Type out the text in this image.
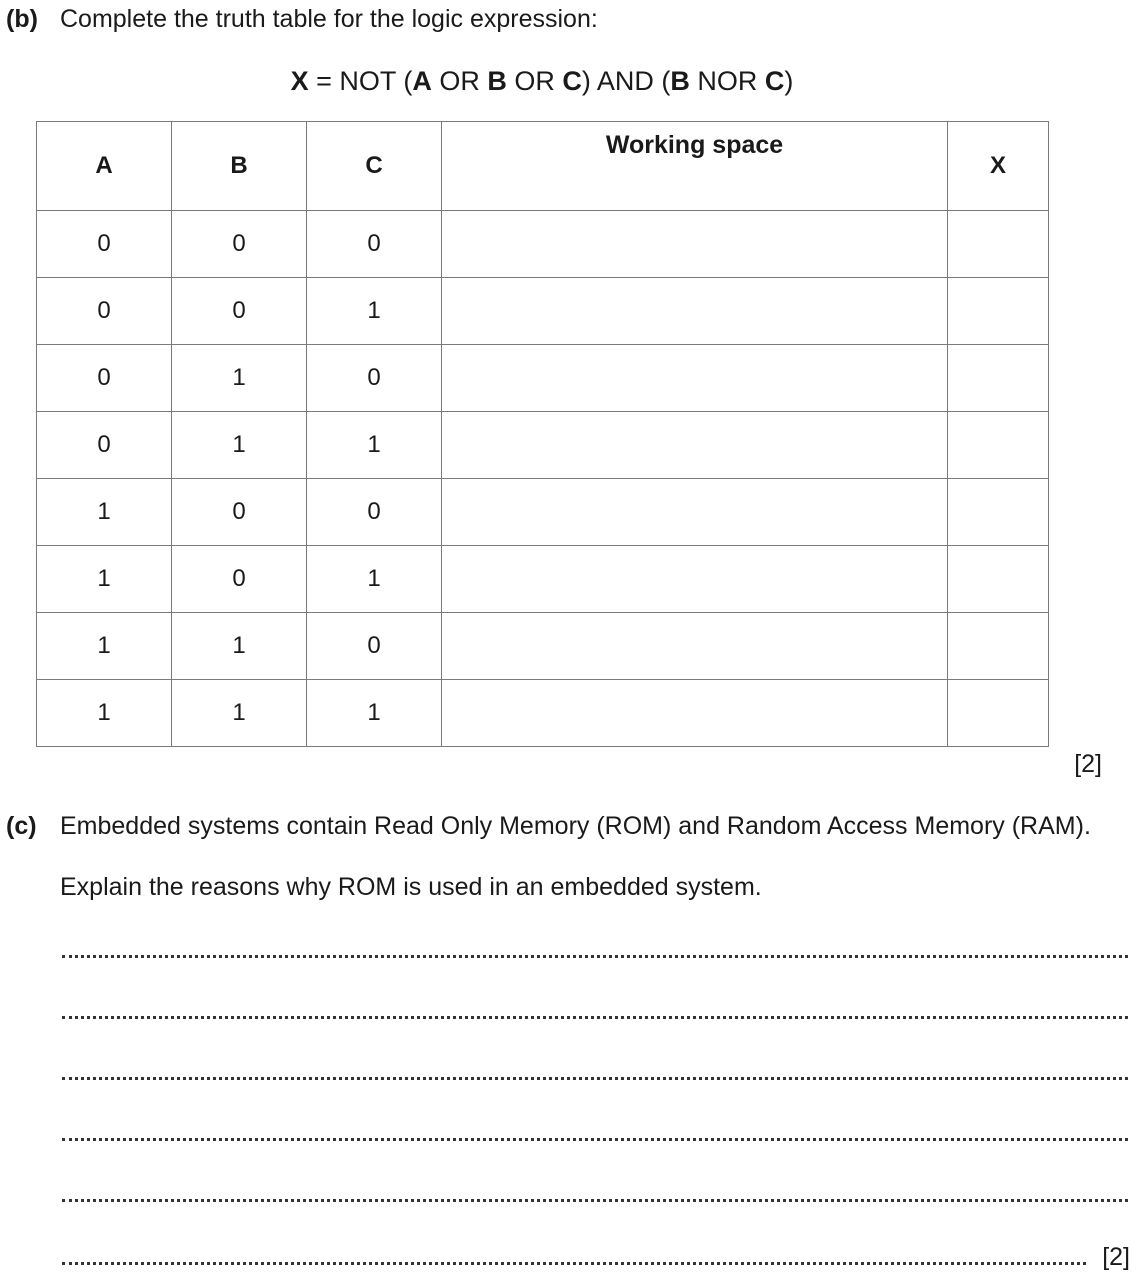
(b) Complete the truth table for the logic expression:
X = NOT (A OR B OR C) AND (B NOR C)
A	B	C	Working space	X
0	0	0		
0	0	1		
0	1	0		
0	1	1		
1	0	0		
1	0	1		
1	1	0		
1	1	1		
[2]
(c) Embedded systems contain Read Only Memory (ROM) and Random Access Memory (RAM).
Explain the reasons why ROM is used in an embedded system.
[2]
